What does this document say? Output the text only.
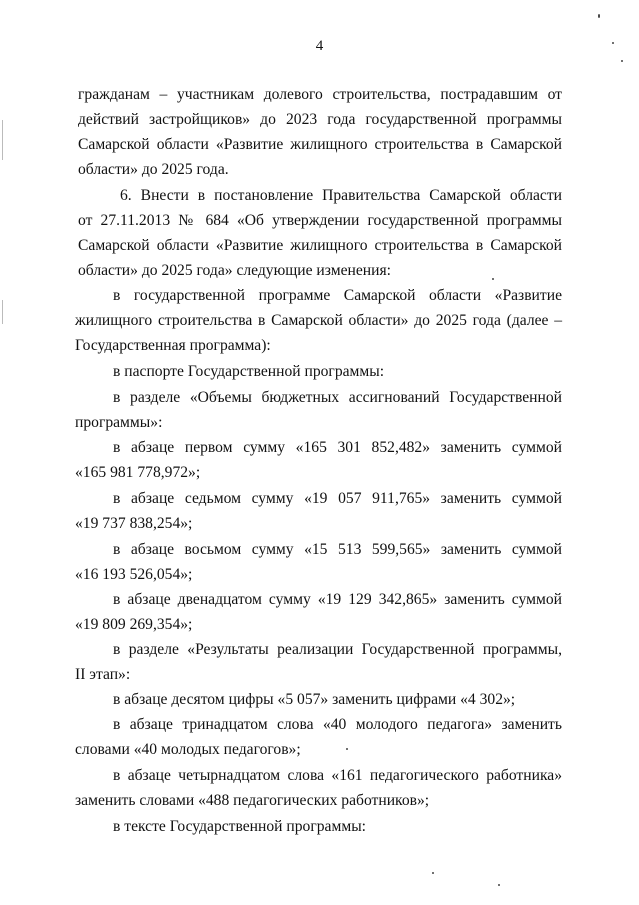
4
гражданам – участникам долевого строительства, пострадавшим от
действий застройщиков» до 2023 года государственной программы
Самарской области «Развитие жилищного строительства в Самарской
области» до 2025 года.
6. Внести в постановление Правительства Самарской области
от 27.11.2013 № 684 «Об утверждении государственной программы
Самарской области «Развитие жилищного строительства в Самарской
области» до 2025 года» следующие изменения:
в государственной программе Самарской области «Развитие
жилищного строительства в Самарской области» до 2025 года (далее –
Государственная программа):
в паспорте Государственной программы:
в разделе «Объемы бюджетных ассигнований Государственной
программы»:
в абзаце первом сумму «165 301 852,482» заменить суммой
«165 981 778,972»;
в абзаце седьмом сумму «19 057 911,765» заменить суммой
«19 737 838,254»;
в абзаце восьмом сумму «15 513 599,565» заменить суммой
«16 193 526,054»;
в абзаце двенадцатом сумму «19 129 342,865» заменить суммой
«19 809 269,354»;
в разделе «Результаты реализации Государственной программы,
II этап»:
в абзаце десятом цифры «5 057» заменить цифрами «4 302»;
в абзаце тринадцатом слова «40 молодого педагога» заменить
словами «40 молодых педагогов»;
в абзаце четырнадцатом слова «161 педагогического работника»
заменить словами «488 педагогических работников»;
в тексте Государственной программы:
